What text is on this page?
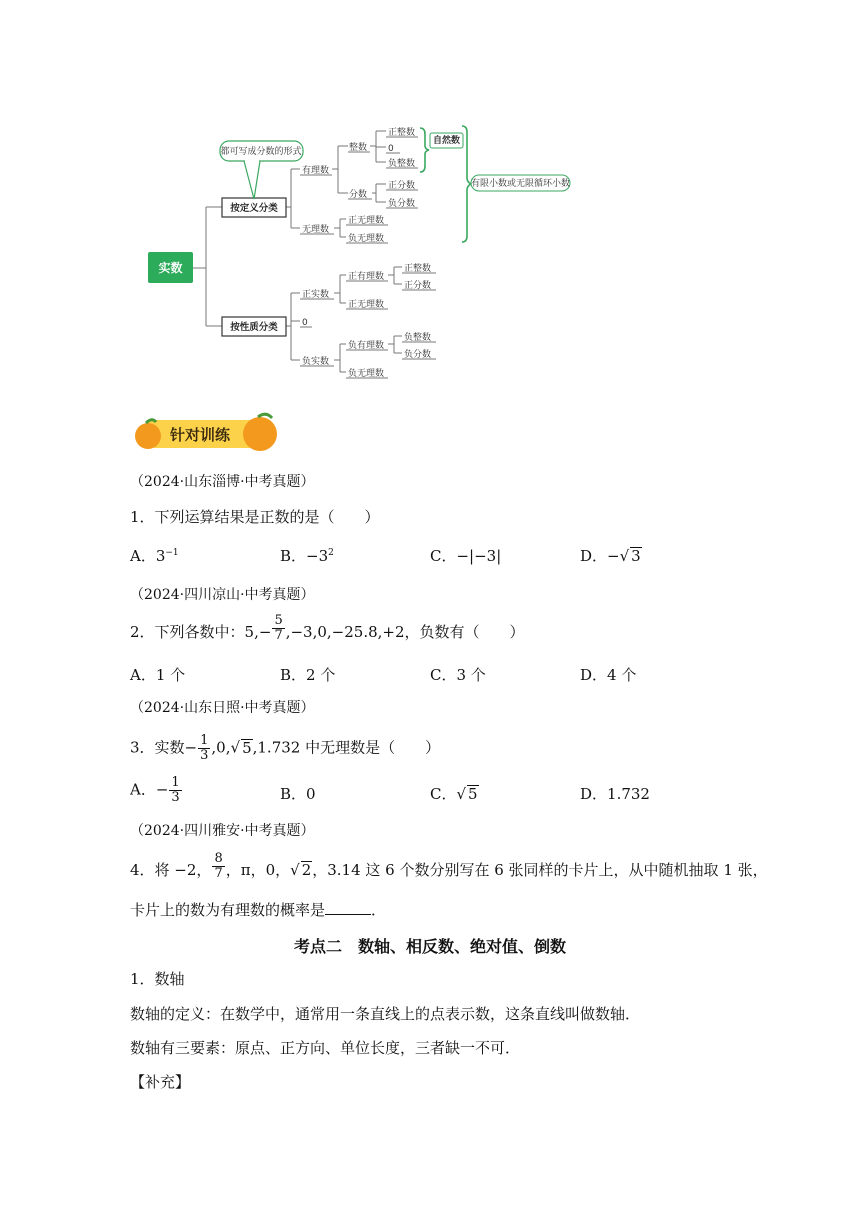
实数
按定义分类
按性质分类
都可写成分数的形式
自然数
有限小数或无限循环小数
有理数
无理数
整数
分数
正整数
0
负整数
正分数
负分数
正无理数
负无理数
正实数
0
负实数
正有理数
正无理数
正整数
正分数
负有理数
负无理数
负整数
负分数
针对训练
（2024·山东淄博·中考真题）
1．下列运算结果是正数的是（　　）
A．$3^{-1}$	B．$-3^2$	C．−|−3|	D．−√ 3
（2024·四川凉山·中考真题）
2．下列各数中：$5,- \frac{5}{7} ,-3,0,-25.8,+2$，负数有（　　）
A．1 个	B．2 个	C．3 个	D．4 个
（2024·山东日照·中考真题）
3．实数− $\frac{1}{3} ,0,√$ 5,1.732 中无理数是（　　）
A．− $\frac{1}{3}$	B．0	C．√ 5	D．1.732
（2024·四川雅安·中考真题）
4．将 −2， $\frac{8}{7}$ ，π，0，√ 2，3.14 这 6 个数分别写在 6 张同样的卡片上，从中随机抽取 1 张，
卡片上的数为有理数的概率是	．
考点二　数轴、相反数、绝对值、倒数
1．数轴
数轴的定义：在数学中，通常用一条直线上的点表示数，这条直线叫做数轴．
数轴有三要素：原点、正方向、单位长度，三者缺一不可．
【补充】
